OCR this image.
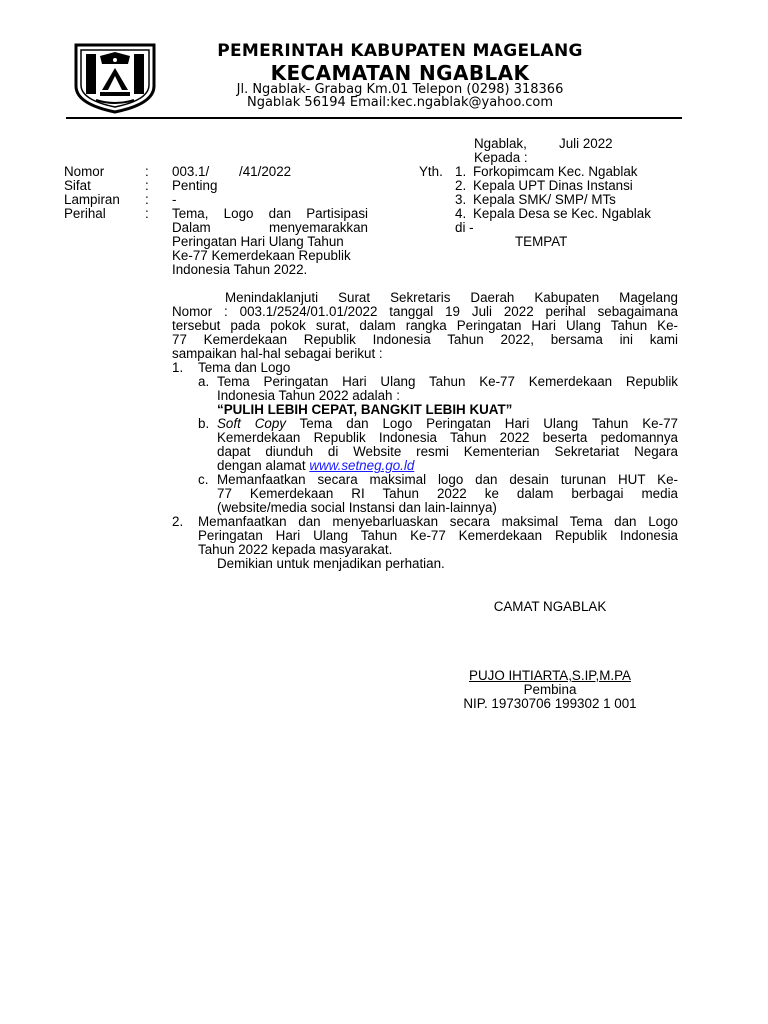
PEMERINTAH KABUPATEN MAGELANG
KECAMATAN NGABLAK
Jl. Ngablak- Grabag Km.01 Telepon (0298) 318366
Ngablak 56194 Email:kec.ngablak@yahoo.com
Ngablak, Juli 2022
Kepada :
Nomor	: 003.1/        /41/2022
Sifat	: Penting
Lampiran : -
Perihal	: Tema, Logo dan Partisipasi
Dalam menyemarakkan
Peringatan Hari Ulang Tahun
Ke-77 Kemerdekaan Republik
Indonesia Tahun 2022.
Yth. 1. Forkopimcam Kec. Ngablak
2. Kepala UPT Dinas Instansi
3. Kepala SMK/ SMP/ MTs
4. Kepala Desa se Kec. Ngablak
di -
TEMPAT
Menindaklanjuti Surat Sekretaris Daerah Kabupaten Magelang
Nomor : 003.1/2524/01.01/2022 tanggal 19 Juli 2022 perihal sebagaimana
tersebut pada pokok surat, dalam rangka Peringatan Hari Ulang Tahun Ke-
77 Kemerdekaan Republik Indonesia Tahun 2022, bersama ini kami
sampaikan hal-hal sebagai berikut :
1. Tema dan Logo
a. Tema Peringatan Hari Ulang Tahun Ke-77 Kemerdekaan Republik
Indonesia Tahun 2022 adalah :
“PULIH LEBIH CEPAT, BANGKIT LEBIH KUAT”
b. Soft Copy Tema dan Logo Peringatan Hari Ulang Tahun Ke-77
Kemerdekaan Republik Indonesia Tahun 2022 beserta pedomannya
dapat diunduh di Website resmi Kementerian Sekretariat Negara
dengan alamat www.setneg.go.ld
c. Memanfaatkan secara maksimal logo dan desain turunan HUT Ke-
77 Kemerdekaan RI Tahun 2022 ke dalam berbagai media
(website/media social Instansi dan lain-lainnya)
2. Memanfaatkan dan menyebarluaskan secara maksimal Tema dan Logo
Peringatan Hari Ulang Tahun Ke-77 Kemerdekaan Republik Indonesia
Tahun 2022 kepada masyarakat.
Demikian untuk menjadikan perhatian.
CAMAT NGABLAK
PUJO IHTIARTA,S.IP,M.PA
Pembina
NIP. 19730706 199302 1 001
